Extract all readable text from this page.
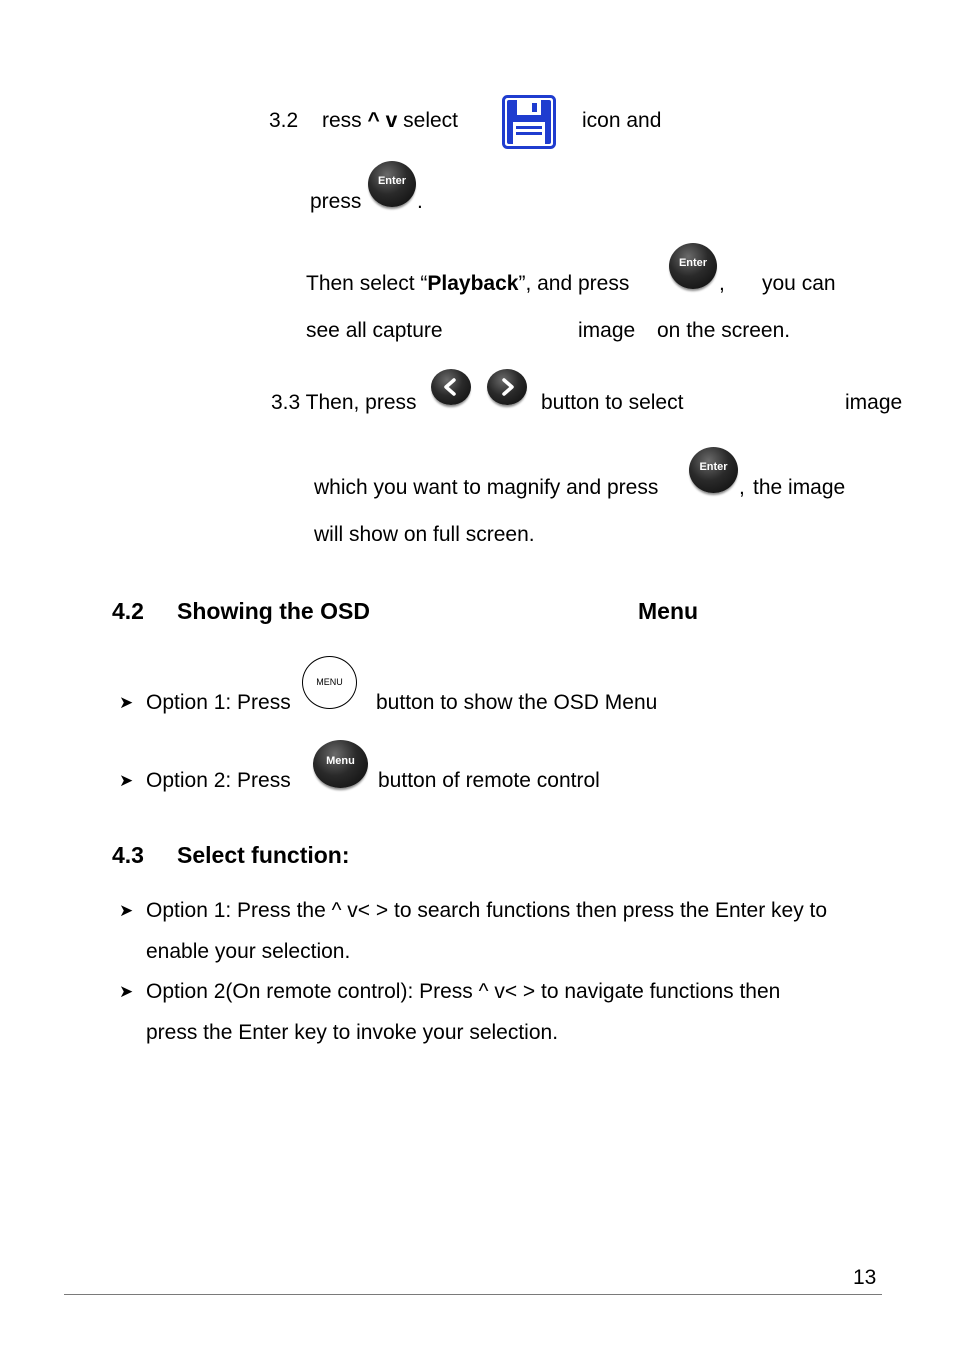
3.2 ress ^ v select	icon and
press
Enter
.
Then select “Playback”, and press
Enter
, you can
see all capture	image on the screen.
3.3 Then, press	button to select	image
which you want to magnify and press
Enter
, the image
will show on full screen.
4.2 Showing the OSD	Menu
➤ Option 1: Press
MENU
button to show the OSD Menu
➤ Option 2: Press
Menu
button of remote control
4.3 Select function:
➤ Option 1: Press the ^ v< > to search functions then press the Enter key to
enable your selection.
➤ Option 2(On remote control): Press ^ v< > to navigate functions then
press the Enter key to invoke your selection.
13
